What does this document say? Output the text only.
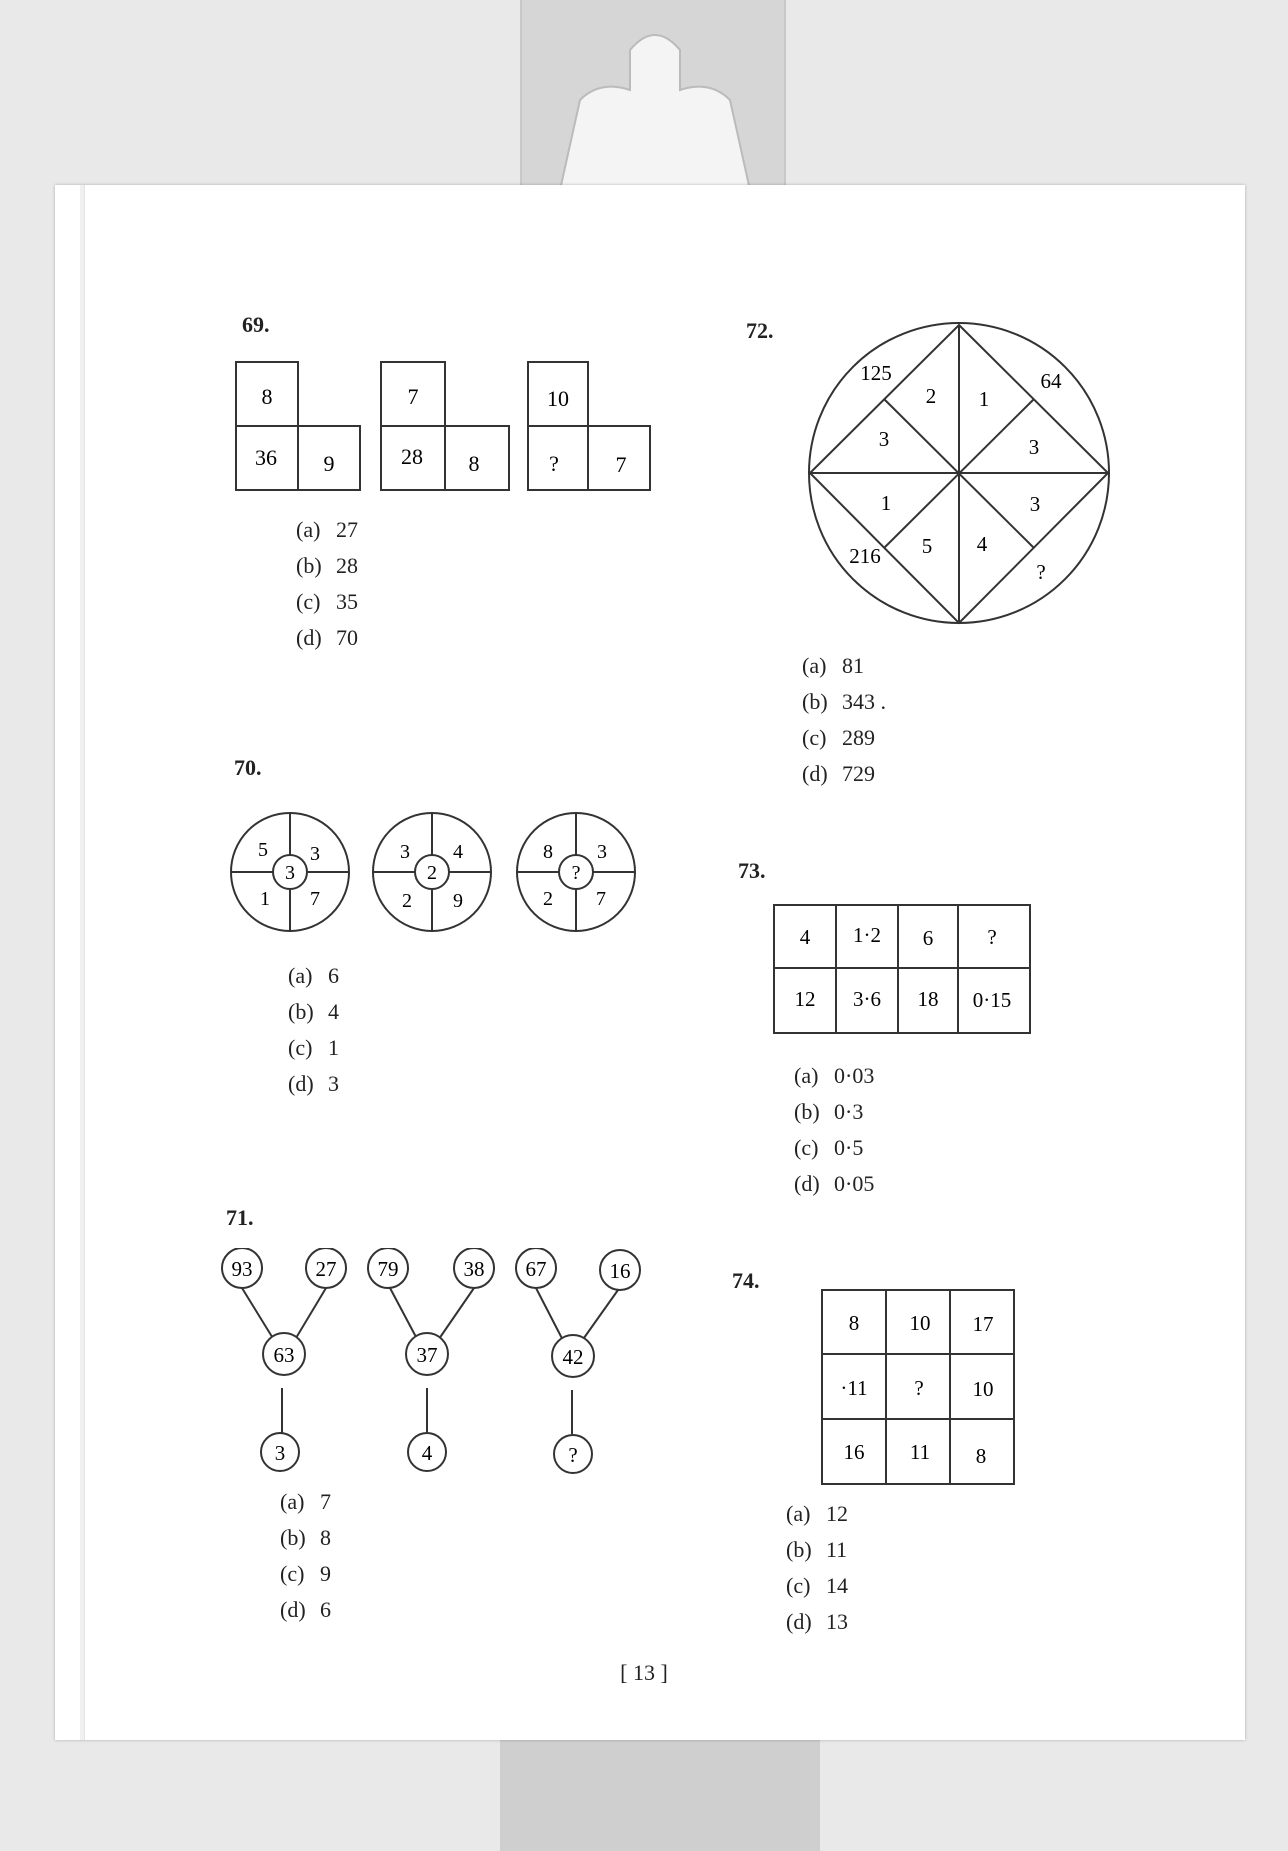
69.
8
36 9
7
28 8
10
?	7
(a) 27
(b) 28
(c) 35
(d) 70
70.
5 3
3
1 7
3 4
2
2 9
8 3
?
2 7
(a) 6
(b) 4
(c) 1
(d) 3
71.
93	27
63
3
79	38
37
4
67	16
42
?
(a) 7
(b) 8
(c) 9
(d) 6
72.
125
2
3
64
1
3
216
1
5
?
3
4
(a) 81
(b) 343 .
(c) 289
(d) 729
73.
4 1·2 6	?
12 3·6 18 0·15
(a) 0·03
(b) 0·3
(c) 0·5
(d) 0·05
74.
8 10 17
·11 ? 10
16 11 8
(a) 12
(b) 11
(c) 14
(d) 13
[ 13 ]
